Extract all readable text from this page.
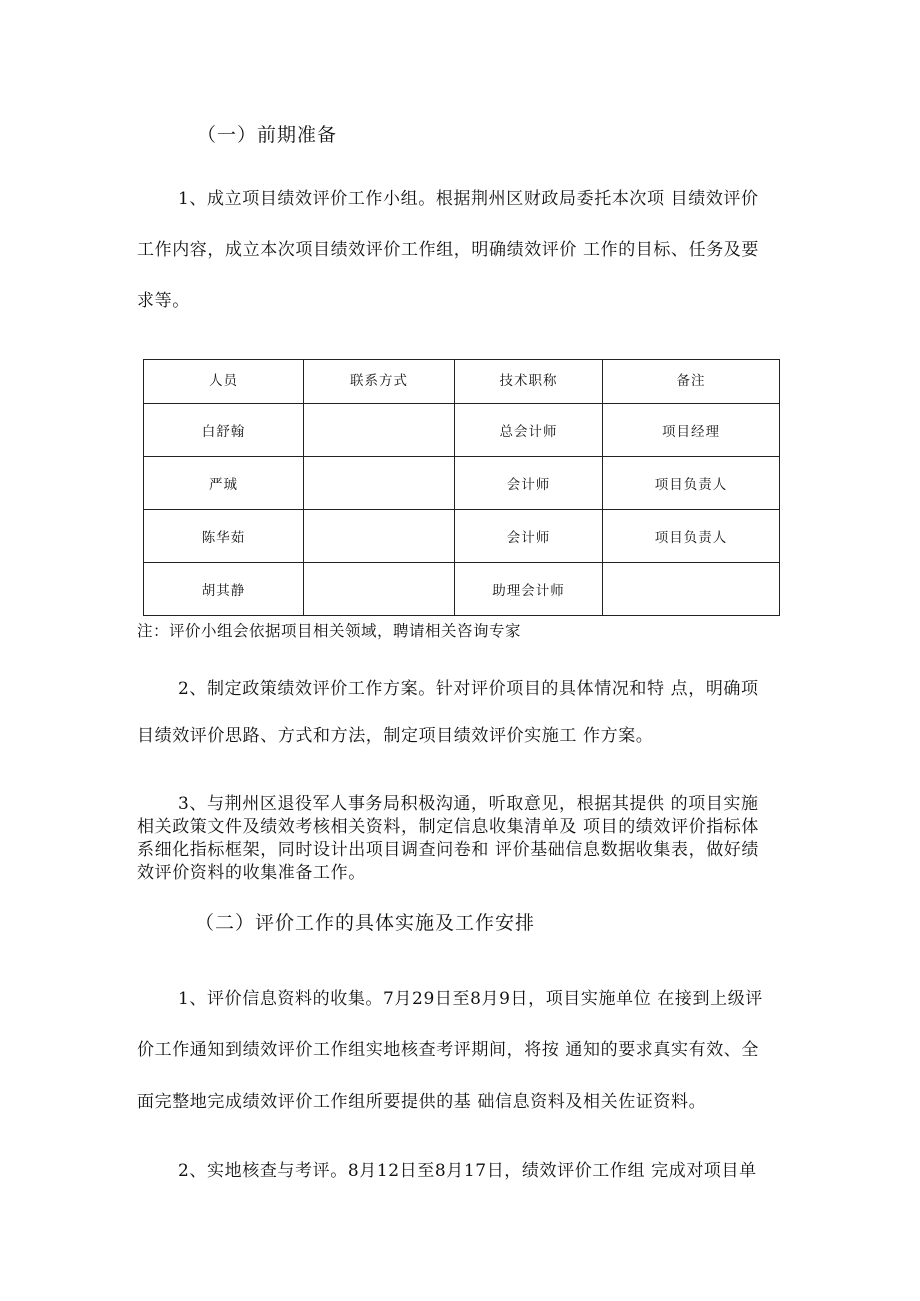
（一）前期准备
1、成立项目绩效评价工作小组。根据荆州区财政局委托本次项 目绩效评价
工作内容，成立本次项目绩效评价工作组，明确绩效评价 工作的目标、任务及要
求等。
人员	联系方式	技术职称	备注
白舒翰		总会计师	项目经理
严珹		会计师	项目负责人
陈华茹		会计师	项目负责人
胡其静		助理会计师	
注：评价小组会依据项目相关领域，聘请相关咨询专家
2、制定政策绩效评价工作方案。针对评价项目的具体情况和特 点，明确项
目绩效评价思路、方式和方法，制定项目绩效评价实施工 作方案。
3、与荆州区退役军人事务局积极沟通，听取意见，根据其提供 的项目实施
相关政策文件及绩效考核相关资料，制定信息收集清单及 项目的绩效评价指标体
系细化指标框架，同时设计出项目调查问卷和 评价基础信息数据收集表，做好绩
效评价资料的收集准备工作。
（二）评价工作的具体实施及工作安排
1、评价信息资料的收集。7月29日至8月9日，项目实施单位 在接到上级评
价工作通知到绩效评价工作组实地核查考评期间，将按 通知的要求真实有效、全
面完整地完成绩效评价工作组所要提供的基 础信息资料及相关佐证资料。
2、实地核查与考评。8月12日至8月17日，绩效评价工作组 完成对项目单
